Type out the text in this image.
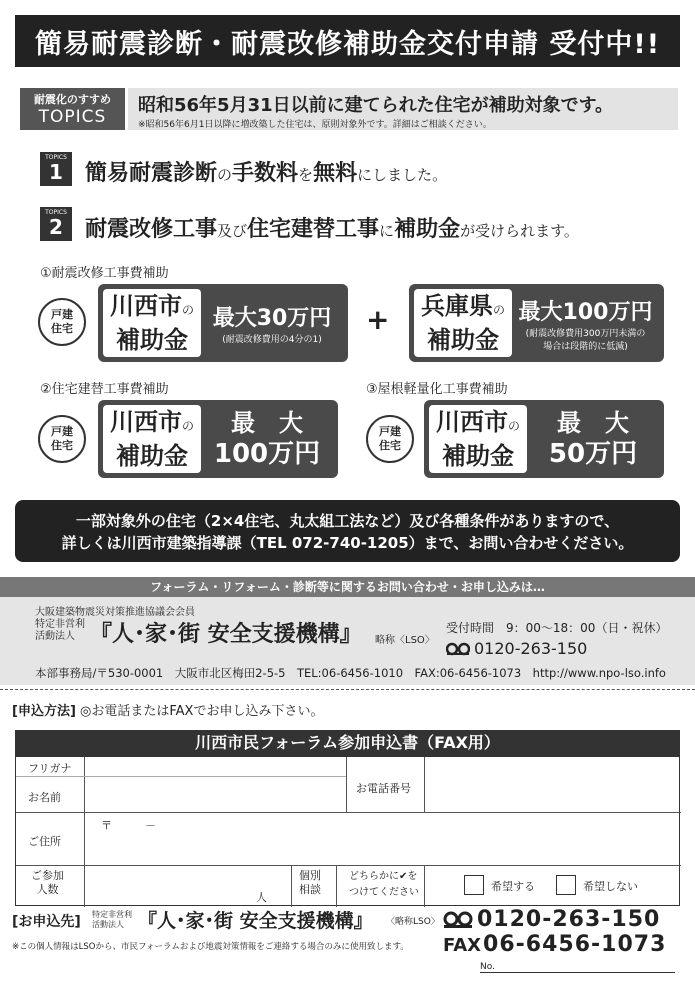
簡易耐震診断・耐震改修補助金交付申請 受付中!!
耐震化のすすめ
TOPICS
昭和56年5月31日以前に建てられた住宅が補助対象です。
※昭和56年6月1日以降に増改築した住宅は、原則対象外です。詳細はご相談ください。
TOPICS
1	簡易耐震診断の手数料を無料にしました。
TOPICS
2	耐震改修工事及び住宅建替工事に補助金が受けられます。
①耐震改修工事費補助
戸建
住宅
川西市の
補助金
最大30万円
(耐震改修費用の4分の1)
+ 兵庫県の
補助金
最大100万円
(耐震改修費用300万円未満の
場合は段階的に低減)
②住宅建替工事費補助	③屋根軽量化工事費補助
戸建
住宅
川西市の
補助金
最　大
100万円
戸建
住宅
川西市の
補助金
最　大
50万円
一部対象外の住宅（2×4住宅、丸太組工法など）及び各種条件がありますので、
詳しくは川西市建築指導課（TEL 072-740-1205）まで、お問い合わせください。
フォーラム・リフォーム・診断等に関するお問い合わせ・お申し込みは…
大阪建築物震災対策推進協議会会員
特定非営利
活動法人 『人･家･街 安全支援機構』 略称〈LSO〉
受付時間　9：00～18：00（日・祝休）
0120-263-150
本部事務局/〒530-0001　大阪市北区梅田2-5-5　TEL:06-6456-1010　FAX:06-6456-1073　http://www.npo-lso.info
[申込方法] ◎お電話またはFAXでお申し込み下さい。
川西市民フォーラム参加申込書（FAX用）
フリガナ
お名前
お電話番号
ご住所
〒　　　－
ご参加
人数
人
個別
相談
どちらかに✔を
つけてください	希望する	希望しない
[お申込先] 特定非営利
活動法人 『人･家･街 安全支援機構』 〈略称LSO〉 0120-263-150
FAX 06-6456-1073
※この個人情報はLSOから、市民フォーラムおよび地震対策情報をご連絡する場合のみに使用致します。
No.
